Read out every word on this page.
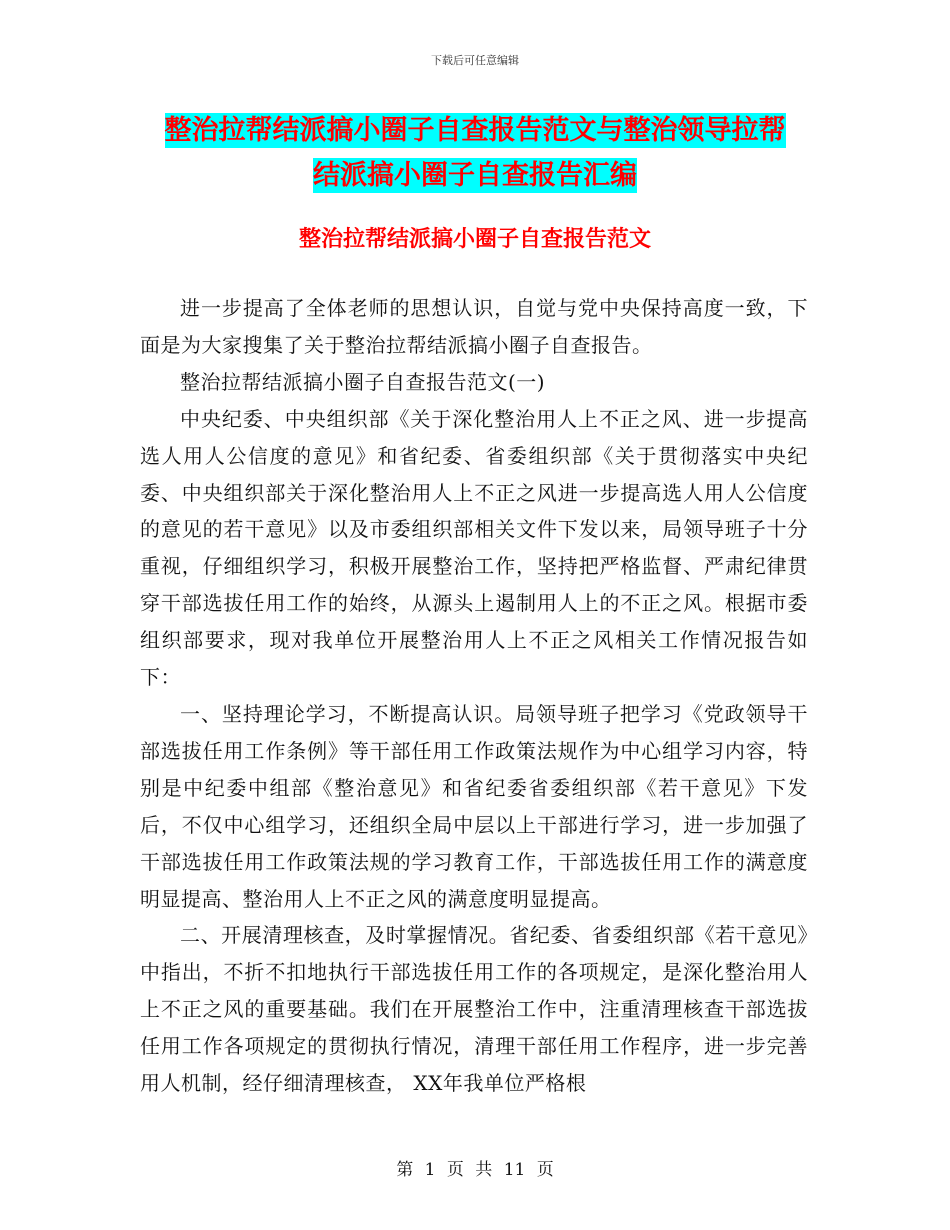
下载后可任意编辑
整治拉帮结派搞小圈子自查报告范文与整治领导拉帮
结派搞小圈子自查报告汇编
整治拉帮结派搞小圈子自查报告范文

进一步提高了全体老师的思想认识，自觉与党中央保持高度一致，下面是为大家搜集了关于整治拉帮结派搞小圈子自查报告。

整治拉帮结派搞小圈子自查报告范文(一)

中央纪委、中央组织部《关于深化整治用人上不正之风、进一步提高选人用人公信度的意见》和省纪委、省委组织部《关于贯彻落实中央纪委、中央组织部关于深化整治用人上不正之风进一步提高选人用人公信度的意见的若干意见》以及市委组织部相关文件下发以来，局领导班子十分重视，仔细组织学习，积极开展整治工作，坚持把严格监督、严肃纪律贯穿干部选拔任用工作的始终，从源头上遏制用人上的不正之风。根据市委组织部要求，现对我单位开展整治用人上不正之风相关工作情况报告如下：

一、坚持理论学习，不断提高认识。局领导班子把学习《党政领导干部选拔任用工作条例》等干部任用工作政策法规作为中心组学习内容，特别是中纪委中组部《整治意见》和省纪委省委组织部《若干意见》下发后，不仅中心组学习，还组织全局中层以上干部进行学习，进一步加强了干部选拔任用工作政策法规的学习教育工作，干部选拔任用工作的满意度明显提高、整治用人上不正之风的满意度明显提高。

二、开展清理核查，及时掌握情况。省纪委、省委组织部《若干意见》中指出，不折不扣地执行干部选拔任用工作的各项规定，是深化整治用人上不正之风的重要基础。我们在开展整治工作中，注重清理核查干部选拔任用工作各项规定的贯彻执行情况，清理干部任用工作程序，进一步完善用人机制，经仔细清理核查， XX年我单位严格根

第 1 页 共 11 页
